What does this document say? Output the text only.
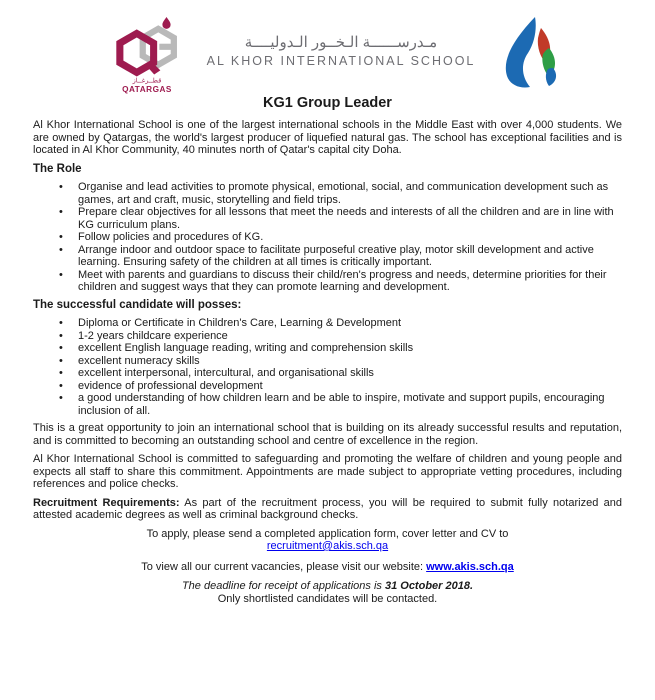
قطــرغــاز
QATARGAS
مـدرســــــة الـخــور الـدوليــــة
AL KHOR INTERNATIONAL SCHOOL
KG1 Group Leader

Al Khor International School is one of the largest international schools in the Middle East with over 4,000 students. We are owned by Qatargas, the world's largest producer of liquefied natural gas. The school has exceptional facilities and is located in Al Khor Community, 40 minutes north of Qatar's capital city Doha.

The Role
• Organise and lead activities to promote physical, emotional, social, and communication development such as games, art and craft, music, storytelling and field trips.
• Prepare clear objectives for all lessons that meet the needs and interests of all the children and are in line with KG curriculum plans.
• Follow policies and procedures of KG.
• Arrange indoor and outdoor space to facilitate purposeful creative play, motor skill development and active learning. Ensuring safety of the children at all times is critically important.
• Meet with parents and guardians to discuss their child/ren's progress and needs, determine priorities for their children and suggest ways that they can promote learning and development.
The successful candidate will posses:
• Diploma or Certificate in Children's Care, Learning & Development
• 1-2 years childcare experience
• excellent English language reading, writing and comprehension skills
• excellent numeracy skills
• excellent interpersonal, intercultural, and organisational skills
• evidence of professional development
• a good understanding of how children learn and be able to inspire, motivate and support pupils, encouraging inclusion of all.

This is a great opportunity to join an international school that is building on its already successful results and reputation, and is committed to becoming an outstanding school and centre of excellence in the region.

Al Khor International School is committed to safeguarding and promoting the welfare of children and young people and expects all staff to share this commitment. Appointments are made subject to appropriate vetting procedures, including references and police checks.

Recruitment Requirements: As part of the recruitment process, you will be required to submit fully notarized and attested academic degrees as well as criminal background checks.

To apply, please send a completed application form, cover letter and CV to
recruitment@akis.sch.qa
To view all our current vacancies, please visit our website: www.akis.sch.qa
The deadline for receipt of applications is 31 October 2018.
Only shortlisted candidates will be contacted.
